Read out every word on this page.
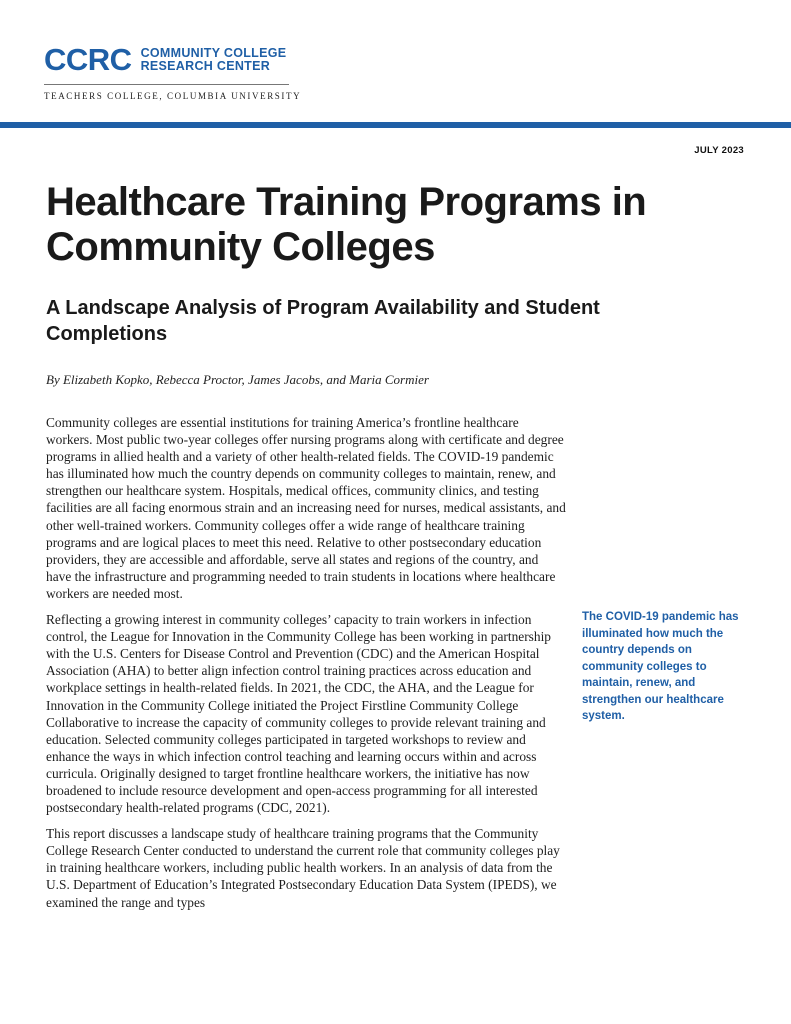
CCRC COMMUNITY COLLEGE
RESEARCH CENTER
TEACHERS COLLEGE, COLUMBIA UNIVERSITY
JULY 2023
Healthcare Training Programs in Community Colleges
A Landscape Analysis of Program Availability and Student Completions
By Elizabeth Kopko, Rebecca Proctor, James Jacobs, and Maria Cormier

Community colleges are essential institutions for training America’s frontline healthcare workers. Most public two-year colleges offer nursing programs along with certificate and degree programs in allied health and a variety of other health-related fields. The COVID-19 pandemic has illuminated how much the country depends on community colleges to maintain, renew, and strengthen our healthcare system. Hospitals, medical offices, community clinics, and testing facilities are all facing enormous strain and an increasing need for nurses, medical assistants, and other well-trained workers. Community colleges offer a wide range of healthcare training programs and are logical places to meet this need. Relative to other postsecondary education providers, they are accessible and affordable, serve all states and regions of the country, and have the infrastructure and programming needed to train students in locations where healthcare workers are needed most.

Reflecting a growing interest in community colleges’ capacity to train workers in infection control, the League for Innovation in the Community College has been working in partnership with the U.S. Centers for Disease Control and Prevention (CDC) and the American Hospital Association (AHA) to better align infection control training practices across education and workplace settings in health-related fields. In 2021, the CDC, the AHA, and the League for Innovation in the Community College initiated the Project Firstline Community College Collaborative to increase the capacity of community colleges to provide relevant training and education. Selected community colleges participated in targeted workshops to review and enhance the ways in which infection control teaching and learning occurs within and across curricula. Originally designed to target frontline healthcare workers, the initiative has now broadened to include resource development and open-access programming for all interested postsecondary health-related programs (CDC, 2021).

This report discusses a landscape study of healthcare training programs that the Community College Research Center conducted to understand the current role that community colleges play in training healthcare workers, including public health workers. In an analysis of data from the U.S. Department of Education’s Integrated Postsecondary Education Data System (IPEDS), we examined the range and types

The COVID-19 pandemic has illuminated how much the country depends on community colleges to maintain, renew, and strengthen our healthcare system.
